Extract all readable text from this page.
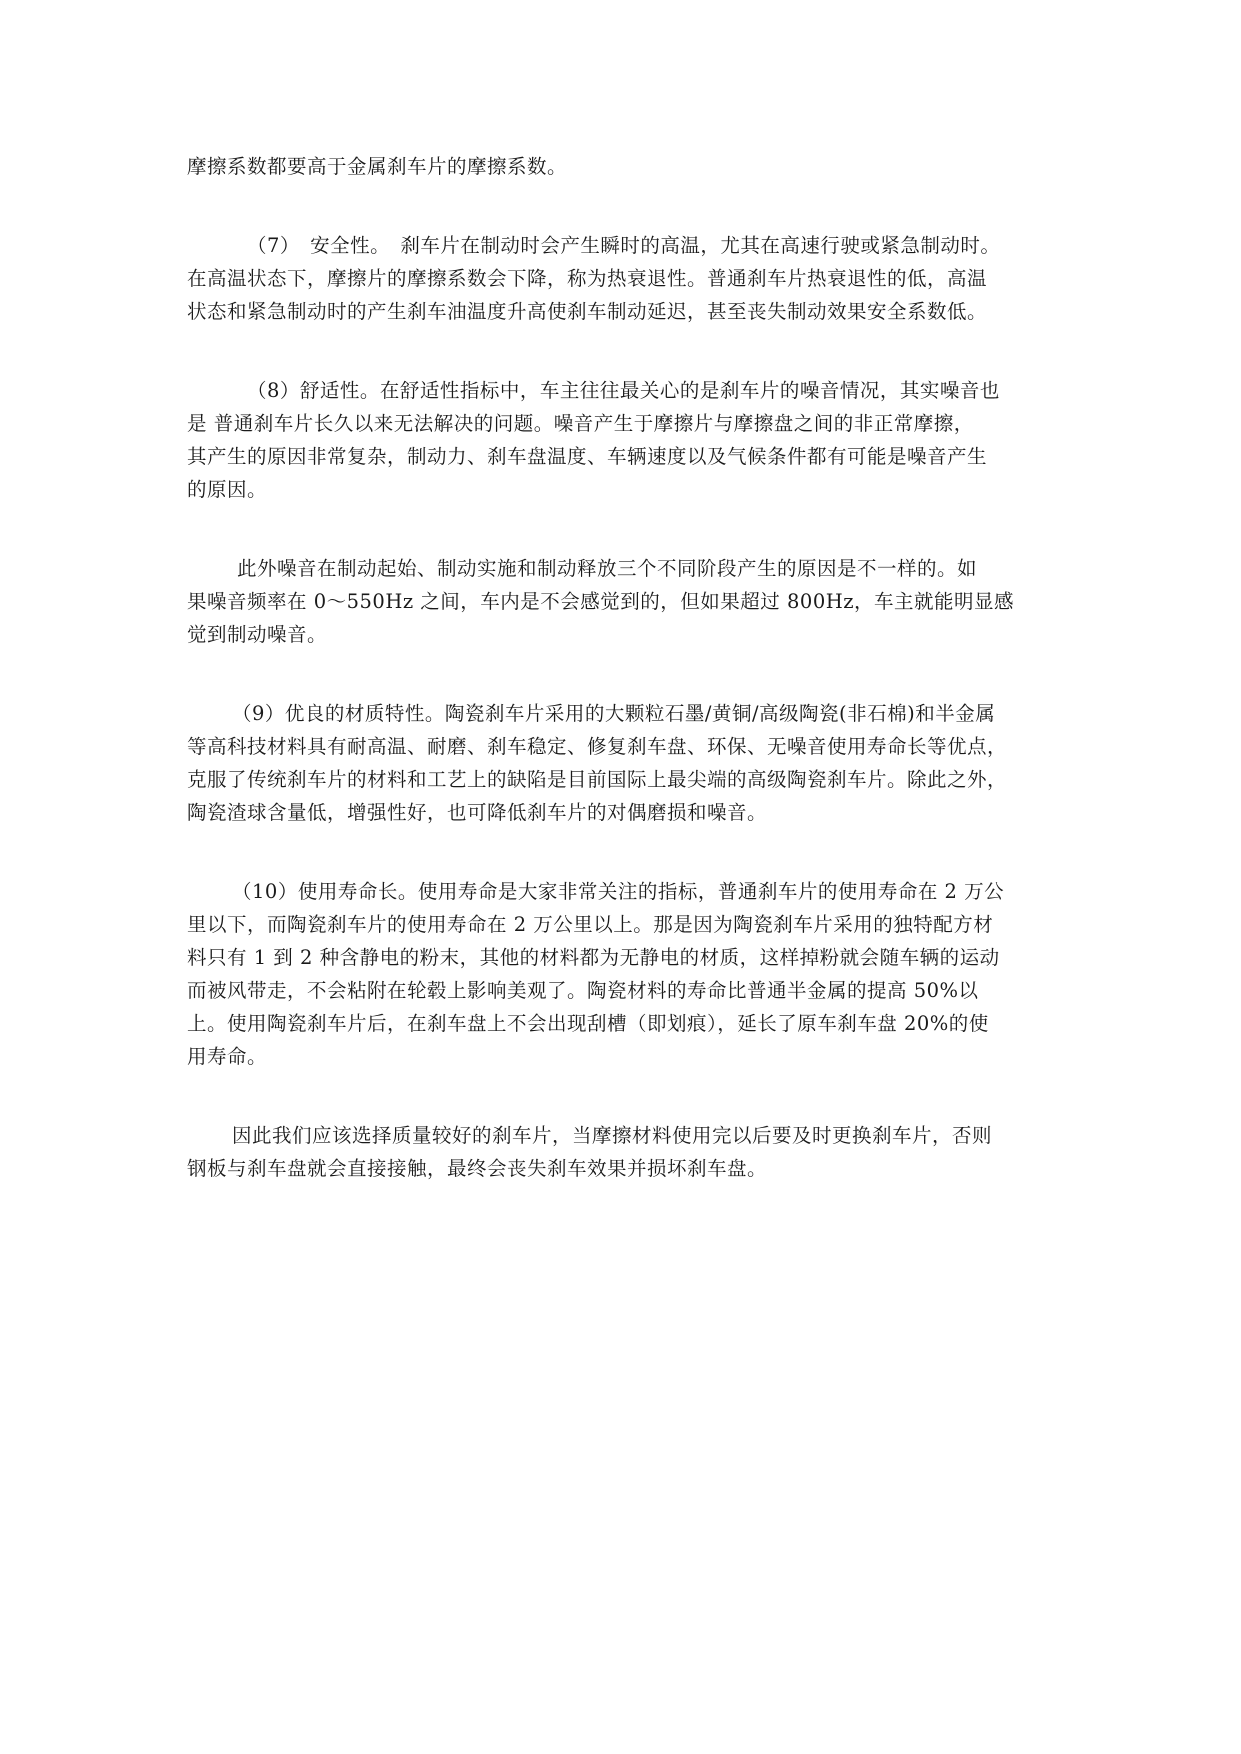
摩擦系数都要高于金属刹车片的摩擦系数。

（7）　安全性。　刹车片在制动时会产生瞬时的高温，尤其在高速行驶或紧急制动时。
在高温状态下，摩擦片的摩擦系数会下降，称为热衰退性。普通刹车片热衰退性的低，高温
状态和紧急制动时的产生刹车油温度升高使刹车制动延迟，甚至丧失制动效果安全系数低。

（8）舒适性。在舒适性指标中，车主往往最关心的是刹车片的噪音情况，其实噪音也
是 普通刹车片长久以来无法解决的问题。噪音产生于摩擦片与摩擦盘之间的非正常摩擦，
其产生的原因非常复杂，制动力、刹车盘温度、车辆速度以及气候条件都有可能是噪音产生
的原因。

此外噪音在制动起始、制动实施和制动释放三个不同阶段产生的原因是不一样的。如
果噪音频率在 0～550Hz 之间，车内是不会感觉到的，但如果超过 800Hz，车主就能明显感
觉到制动噪音。

（9）优良的材质特性。陶瓷刹车片采用的大颗粒石墨/黄铜/高级陶瓷(非石棉)和半金属
等高科技材料具有耐高温、耐磨、刹车稳定、修复刹车盘、环保、无噪音使用寿命长等优点，
克服了传统刹车片的材料和工艺上的缺陷是目前国际上最尖端的高级陶瓷刹车片。除此之外，
陶瓷渣球含量低，增强性好，也可降低刹车片的对偶磨损和噪音。

（10）使用寿命长。使用寿命是大家非常关注的指标，普通刹车片的使用寿命在 2 万公
里以下，而陶瓷刹车片的使用寿命在 2 万公里以上。那是因为陶瓷刹车片采用的独特配方材
料只有 1 到 2 种含静电的粉末，其他的材料都为无静电的材质，这样掉粉就会随车辆的运动
而被风带走，不会粘附在轮毂上影响美观了。陶瓷材料的寿命比普通半金属的提高 50%以
上。使用陶瓷刹车片后，在刹车盘上不会出现刮槽（即划痕），延长了原车刹车盘 20%的使
用寿命。

因此我们应该选择质量较好的刹车片，当摩擦材料使用完以后要及时更换刹车片，否则
钢板与刹车盘就会直接接触，最终会丧失刹车效果并损坏刹车盘。
